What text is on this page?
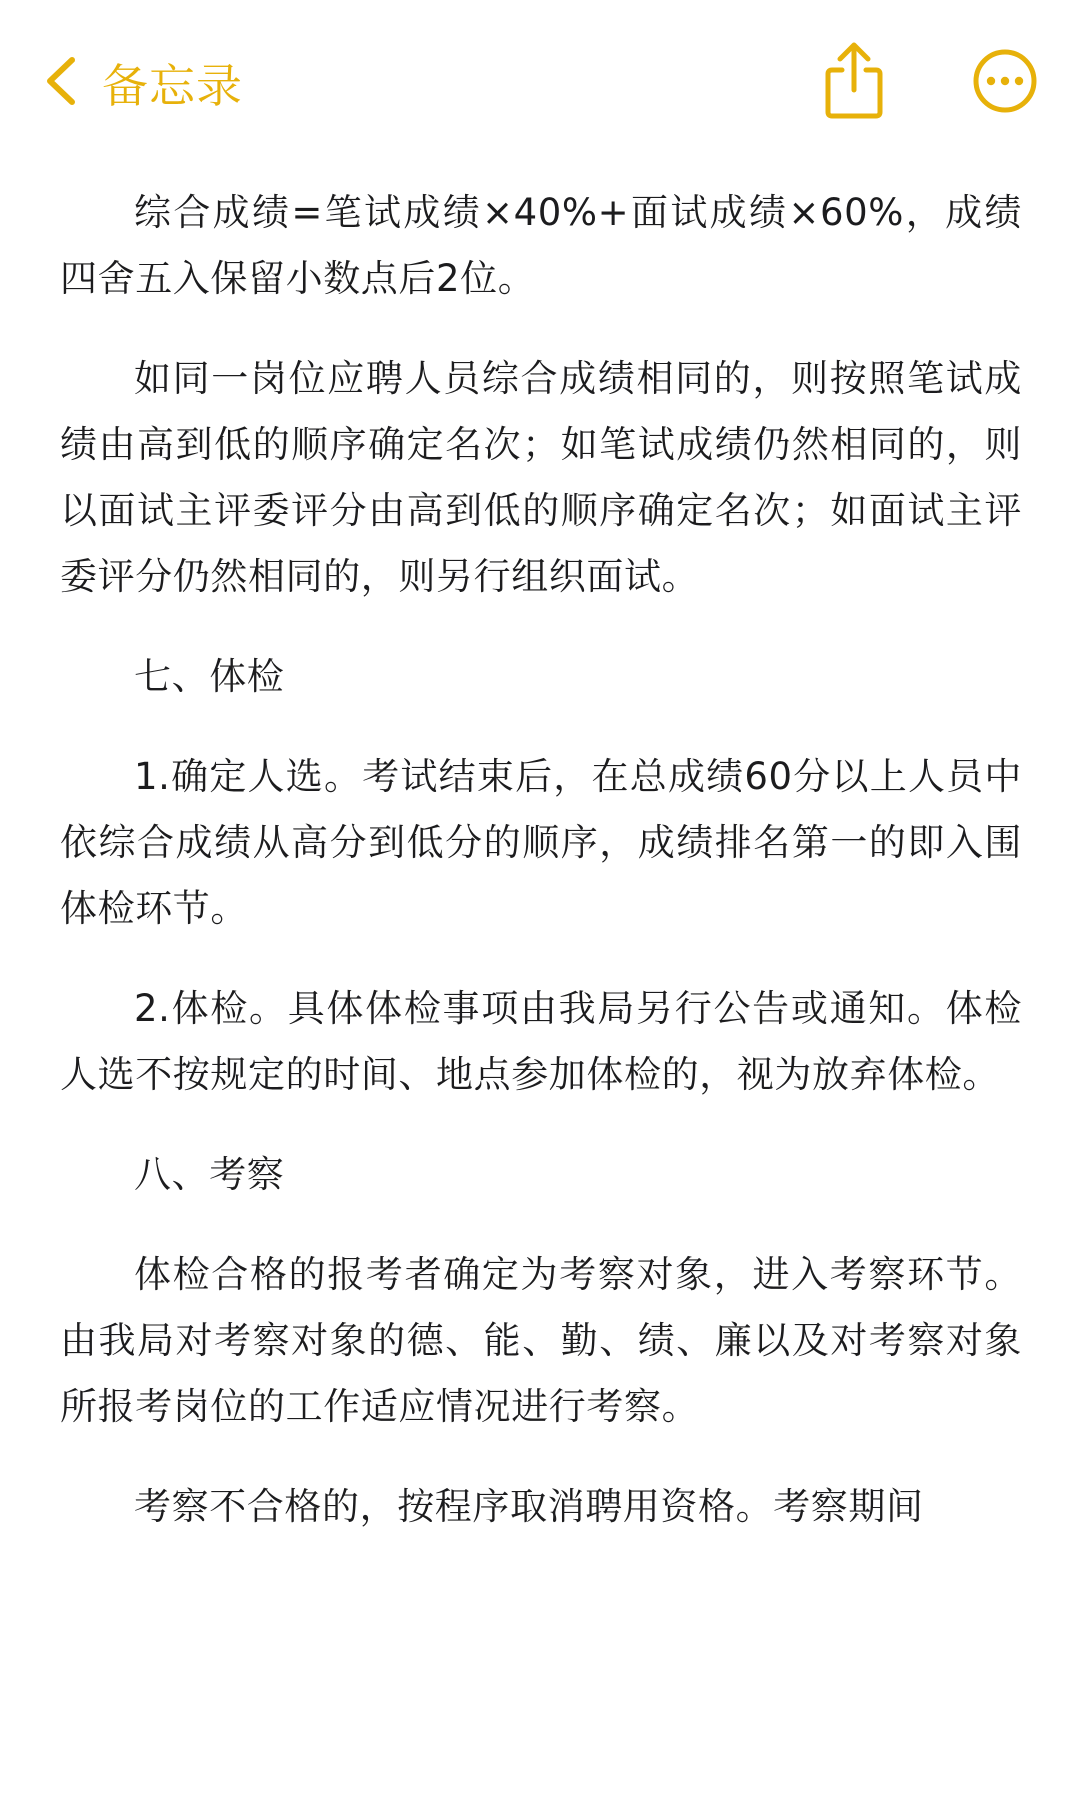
备忘录

综合成绩=笔试成绩×40%+面试成绩×60%，成绩四舍五入保留小数点后2位。

如同一岗位应聘人员综合成绩相同的，则按照笔试成绩由高到低的顺序确定名次；如笔试成绩仍然相同的，则以面试主评委评分由高到低的顺序确定名次；如面试主评委评分仍然相同的，则另行组织面试。

七、体检

1.确定人选。考试结束后，在总成绩60分以上人员中依综合成绩从高分到低分的顺序，成绩排名第一的即入围体检环节。

2.体检。具体体检事项由我局另行公告或通知。体检人选不按规定的时间、地点参加体检的，视为放弃体检。

八、考察

体检合格的报考者确定为考察对象，进入考察环节。由我局对考察对象的德、能、勤、绩、廉以及对考察对象所报考岗位的工作适应情况进行考察。

考察不合格的，按程序取消聘用资格。考察期间
